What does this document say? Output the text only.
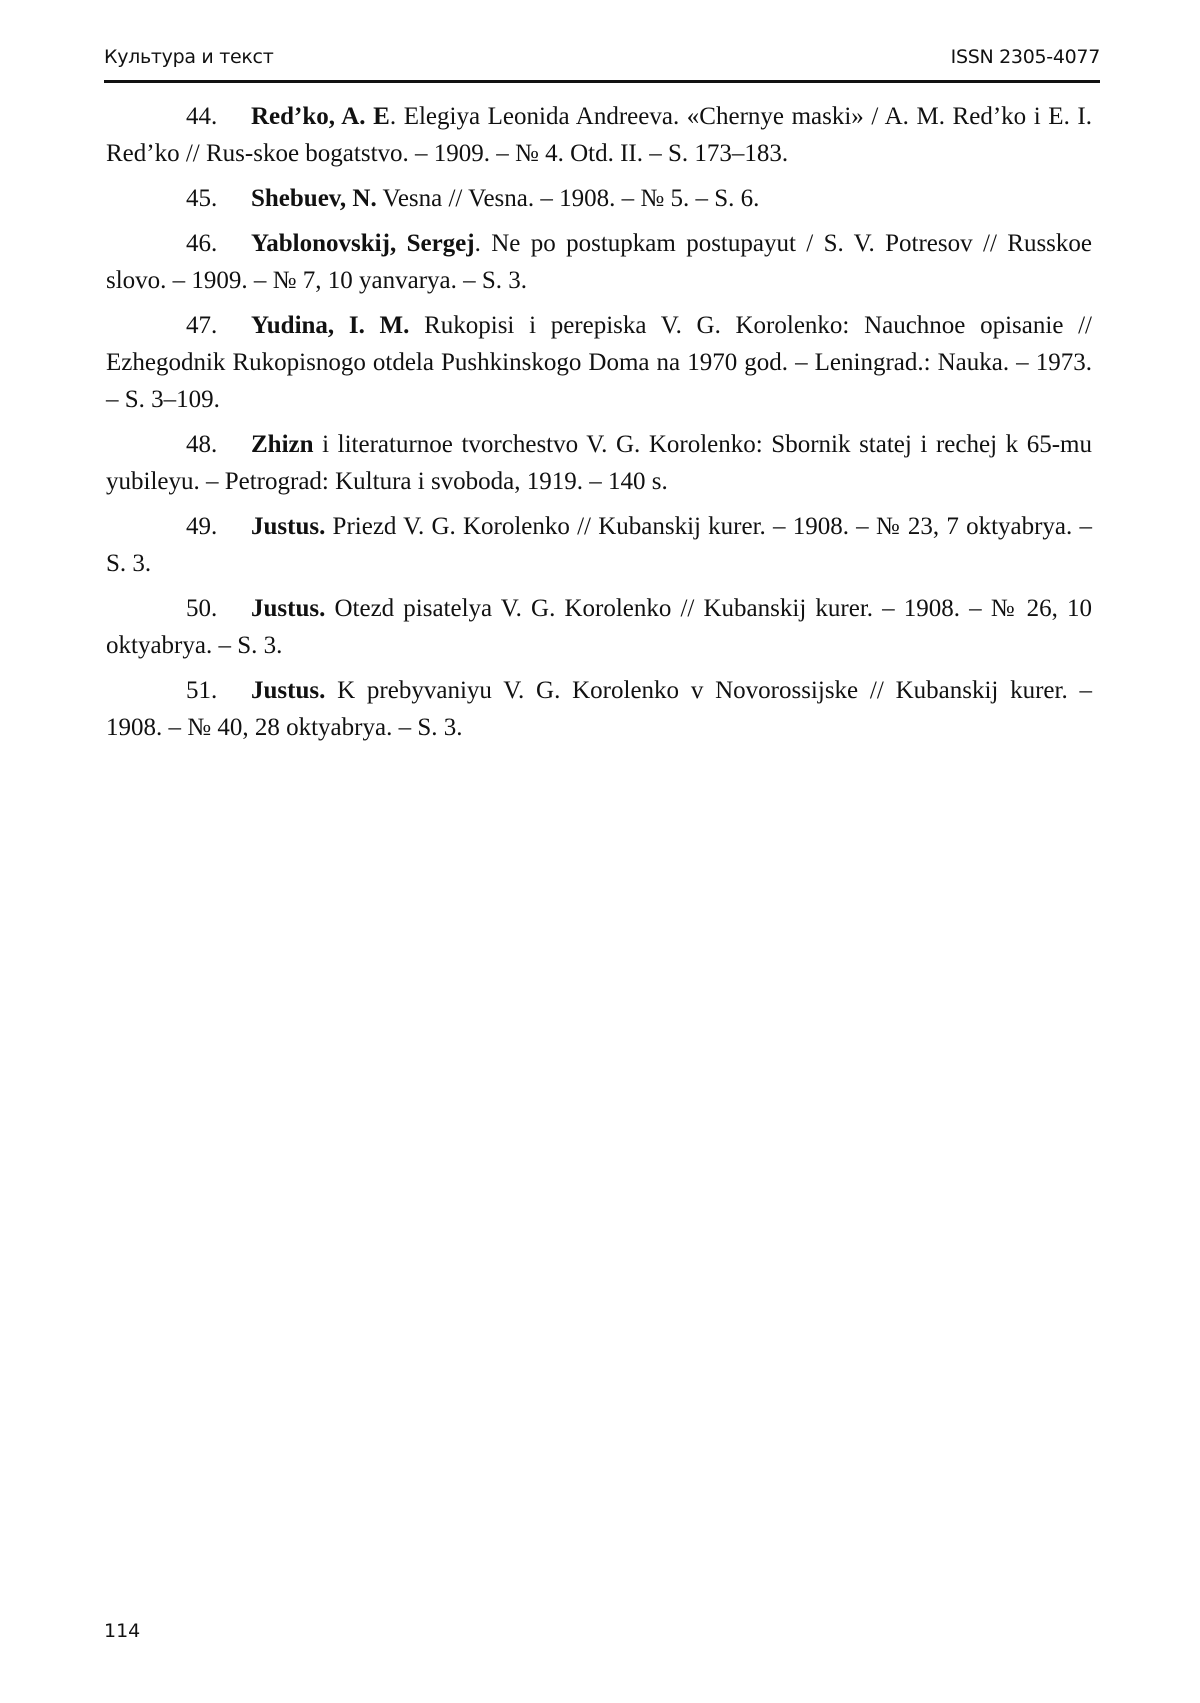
Культура и текст	ISSN 2305-4077

44. Red’ko, A. E. Elegiya Leonida Andreeva. «Chernye maski» / A. M. Red’ko i E. I. Red’ko // Rus-skoe bogatstvo. – 1909. – № 4. Otd. II. – S. 173–183.

45. Shebuev, N. Vesna // Vesna. – 1908. – № 5. – S. 6.

46. Yablonovskij, Sergej. Ne po postupkam postupayut / S. V. Potresov // Russkoe slovo. – 1909. – № 7, 10 yanvarya. – S. 3.

47. Yudina, I. M. Rukopisi i perepiska V. G. Korolenko: Nauchnoe opisanie // Ezhegodnik Rukopisnogo otdela Pushkinskogo Doma na 1970 god. – Leningrad.: Nauka. – 1973. – S. 3–109.

48. Zhizn i literaturnoe tvorchestvo V. G. Korolenko: Sbornik statej i rechej k 65-mu yubileyu. – Petrograd: Kultura i svoboda, 1919. – 140 s.

49. Justus. Priezd V. G. Korolenko // Kubanskij kurer. – 1908. – № 23, 7 oktyabrya. – S. 3.

50. Justus. Otezd pisatelya V. G. Korolenko // Kubanskij kurer. – 1908. – № 26, 10 oktyabrya. – S. 3.

51. Justus. K prebyvaniyu V. G. Korolenko v Novorossijske // Kubanskij kurer. – 1908. – № 40, 28 oktyabrya. – S. 3.

114
